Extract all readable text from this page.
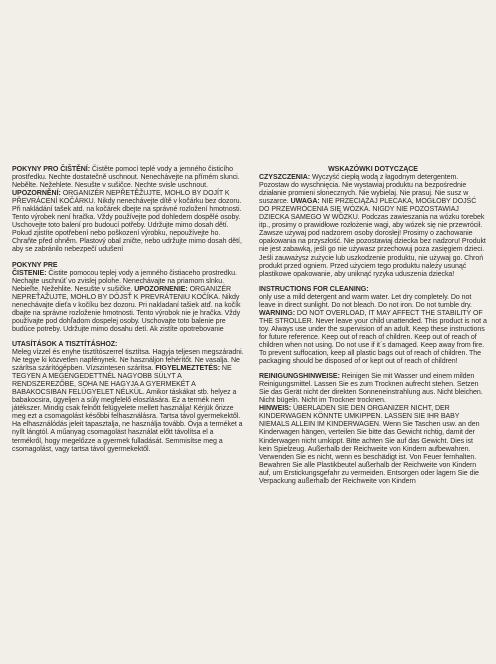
POKYNY PRO ČIŠTĚNÍ: Čistěte pomocí teplé vody a jemného čisticího prostředku. Nechte dostatečně uschnout. Nenechávejte na přímém slunci. Nebělte. Nežehlete. Nesušte v sušičce. Nechte svisle uschnout. UPOZORNĚNÍ: ORGANIZÉR NEPŘETĚŽUJTE, MOHLO BY DOJÍT K PŘEVRÁCENÍ KOČÁRKU. Nikdy nenechávejte dítě v kočárku bez dozoru. Při nakládání tašek atd. na kočárek dbejte na správné rozložení hmotnosti. Tento výrobek není hračka. Vždy používejte pod dohledem dospělé osoby. Uschovejte toto balení pro budoucí potřeby. Udržujte mimo dosah dětí. Pokud zjistíte opotřebení nebo poškození výrobku, nepoužívejte ho. Chraňte před ohněm. Plastový obal zničte, nebo udržujte mimo dosah dětí, aby se zabránilo nebezpečí udušení

POKYNY PRE

ČISTENIE: Čistite pomocou teplej vody a jemného čistiaceho prostredku. Nechajte uschnúť vo zvislej polohe. Nenechávajte na priamom slnku. Nebieľte. Nežehlite. Nesušte v sušičke. UPOZORNENIE: ORGANIZÉR NEPREŤAŽUJTE, MOHLO BY DÔJSŤ K PREVRÁTENIU KOČÍKA. Nikdy nenechávajte dieťa v kočíku bez dozoru. Pri nakladaní tašiek atď. na kočík dbajte na správne rozloženie hmotnosti. Tento výrobok nie je hračka. Vždy používajte pod dohľadom dospelej osoby. Uschovajte toto balenie pre budúce potreby. Udržujte mimo dosahu detí. Ak zistíte opotrebovanie

UTASÍTÁSOK A TISZTÍTÁSHOZ:

Meleg vízzel és enyhe tisztítószerrel tisztítsa. Hagyja teljesen megszáradni. Ne tegye ki közvetlen napfénynek. Ne használjon fehérítőt. Ne vasalja. Ne szárítsa szárítógépben. Vízszintesen szárítsa. FIGYELMEZTETÉS: NE TEGYEN A MEGENGEDETTNÉL NAGYOBB SÚLYT A RENDSZEREZŐBE, SOHA NE HAGYJA A GYERMEKÉT A BABAKOCSIBAN FELÜGYELET NÉLKÜL. Amikor táskákat stb. helyez a babakocsira, ügyeljen a súly megfelelő eloszlására. Ez a termék nem játékszer. Mindig csak felnőtt felügyelete mellett használja! Kérjük őrizze meg ezt a csomagolást későbbi felhasználásra. Tartsa távol gyermekektől. Ha elhasználódás jeleit tapasztalja, ne használja tovább. Óvja a terméket a nyílt lángtól. A műanyag csomagolást használat előtt távolítsa el a termékről, hogy megelőzze a gyermek fulladását. Semmisítse meg a csomagolást, vagy tartsa távol gyermekektől.

WSKAZÓWKI DOTYCZĄCE

CZYSZCZENIA: Wyczyść ciepłą wodą z łagodnym detergentem. Pozostaw do wyschnięcia. Nie wystawiaj produktu na bezpośrednie działanie promieni słonecznych. Nie wybielaj. Nie prasuj. Nie susz w suszarce. UWAGA: NIE PRZECIĄŻAJ PLECAKA, MOGŁOBY DOJŚĆ DO PRZEWRÓCENIA SIĘ WÓZKA. NIGDY NIE POZOSTAWIAJ DZIECKA SAMEGO W WÓZKU. Podczas zawieszania na wózku torebek itp., prosimy o prawidłowe rozłożenie wagi, aby wózek się nie przewrócił. Zawsze używaj pod nadzorem osoby dorosłej! Prosimy o zachowanie opakowania na przyszłość. Nie pozostawiaj dziecka bez nadzoru! Produkt nie jest zabawką, jeśli go nie używasz przechowuj poza zasięgiem dzieci. Jeśli zauważysz zużycie lub uszkodzenie produktu, nie używaj go. Chroń produkt przed ogniem. Przed użyciem tego produktu należy usunąć plastikowe opakowanie, aby uniknąć ryzyka uduszenia dziecka!

INSTRUCTIONS FOR CLEANING:

only use a mild detergent and warm water. Let dry completely. Do not leave in direct sunlight. Do not bleach. Do not iron. Do not tumble dry. WARNING: DO NOT OVERLOAD, IT MAY AFFECT THE STABILITY OF THE STROLLER. Never leave your child unattended. This product is not a toy. Always use under the supervision of an adult. Keep these instructions for future reference. Keep out of reach of children. Keep out of reach of children when not using. Do not use if it´s damaged. Keep away from fire. To prevent suffocation, keep all plastic bags out of reach of children. The packaging should be disposed of or kept out of reach of children!

REINIGUNGSHINWEISE: Reinigen Sie mit Wasser und einem milden Reinigungsmittel. Lassen Sie es zum Trocknen aufrecht stehen. Setzen Sie das Gerät nicht der direkten Sonneneinstrahlung aus. Nicht bleichen. Nicht bügeln. Nicht im Trockner trocknen.
HINWEIS: ÜBERLADEN SIE DEN ORGANIZER NICHT, DER KINDERWAGEN KÖNNTE UMKIPPEN. LASSEN SIE IHR BABY NIEMALS ALLEIN IM KINDERWAGEN. Wenn Sie Taschen usw. an den Kinderwagen hängen, verteilen Sie bitte das Gewicht richtig, damit der Kinderwagen nicht umkippt. Bitte achten Sie auf das Gewicht. Dies ist kein Spielzeug. Außerhalb der Reichweite von Kindern aufbewahren. Verwenden Sie es nicht, wenn es beschädigt ist. Von Feuer fernhalten. Bewahren Sie alle Plastikbeutel außerhalb der Reichweite von Kindern auf, um Erstickungsgefahr zu vermeiden. Entsorgen oder lagern Sie die Verpackung außerhalb der Reichweite von Kindern
